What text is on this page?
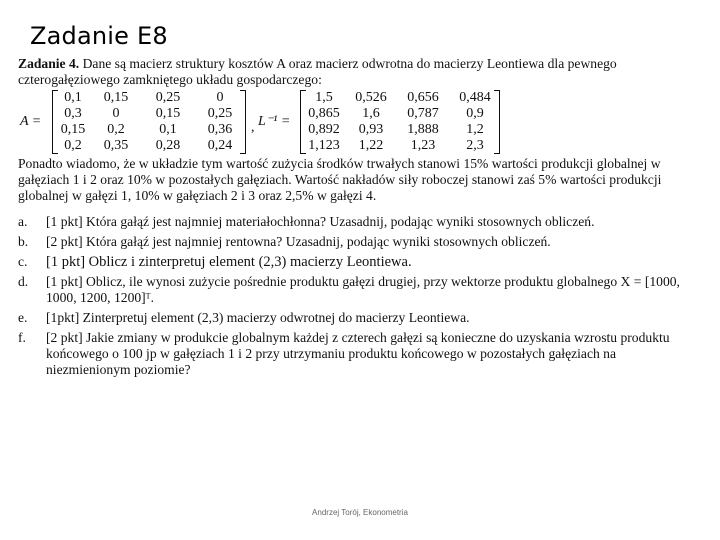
Zadanie E8

Zadanie 4. Dane są macierz struktury kosztów A oraz macierz odwrotna do macierzy Leontiewa dla pewnego czterogałęziowego zamkniętego układu gospodarczego:

A =
0,1	0,15	0,25	0
0,3	0	0,15	0,25
0,15	0,2	0,1	0,36
0,2	0,35	0,28	0,24
, L⁻¹ =
1,5	0,526	0,656	0,484
0,865	1,6	0,787	0,9
0,892	0,93	1,888	1,2
1,123	1,22	1,23	2,3

Ponadto wiadomo, że w układzie tym wartość zużycia środków trwałych stanowi 15% wartości produkcji globalnej w gałęziach 1 i 2 oraz 10% w pozostałych gałęziach. Wartość nakładów siły roboczej stanowi zaś 5% wartości produkcji globalnej w gałęzi 1, 10% w gałęziach 2 i 3 oraz 2,5% w gałęzi 4.

a.	[1 pkt] Która gałąź jest najmniej materiałochłonna? Uzasadnij, podając wyniki stosownych obliczeń.
b.	[2 pkt] Która gałąź jest najmniej rentowna? Uzasadnij, podając wyniki stosownych obliczeń.
c.	[1 pkt] Oblicz i zinterpretuj element (2,3) macierzy Leontiewa.
d.	[1 pkt] Oblicz, ile wynosi zużycie pośrednie produktu gałęzi drugiej, przy wektorze produktu globalnego X = [1000, 1000, 1200, 1200]ᵀ.
e.	[1pkt] Zinterpretuj element (2,3) macierzy odwrotnej do macierzy Leontiewa.
f.	[2 pkt] Jakie zmiany w produkcie globalnym każdej z czterech gałęzi są konieczne do uzyskania wzrostu produktu końcowego o 100 jp w gałęziach 1 i 2 przy utrzymaniu produktu końcowego w pozostałych gałęziach na niezmienionym poziomie?
Andrzej Torój, Ekonometria
